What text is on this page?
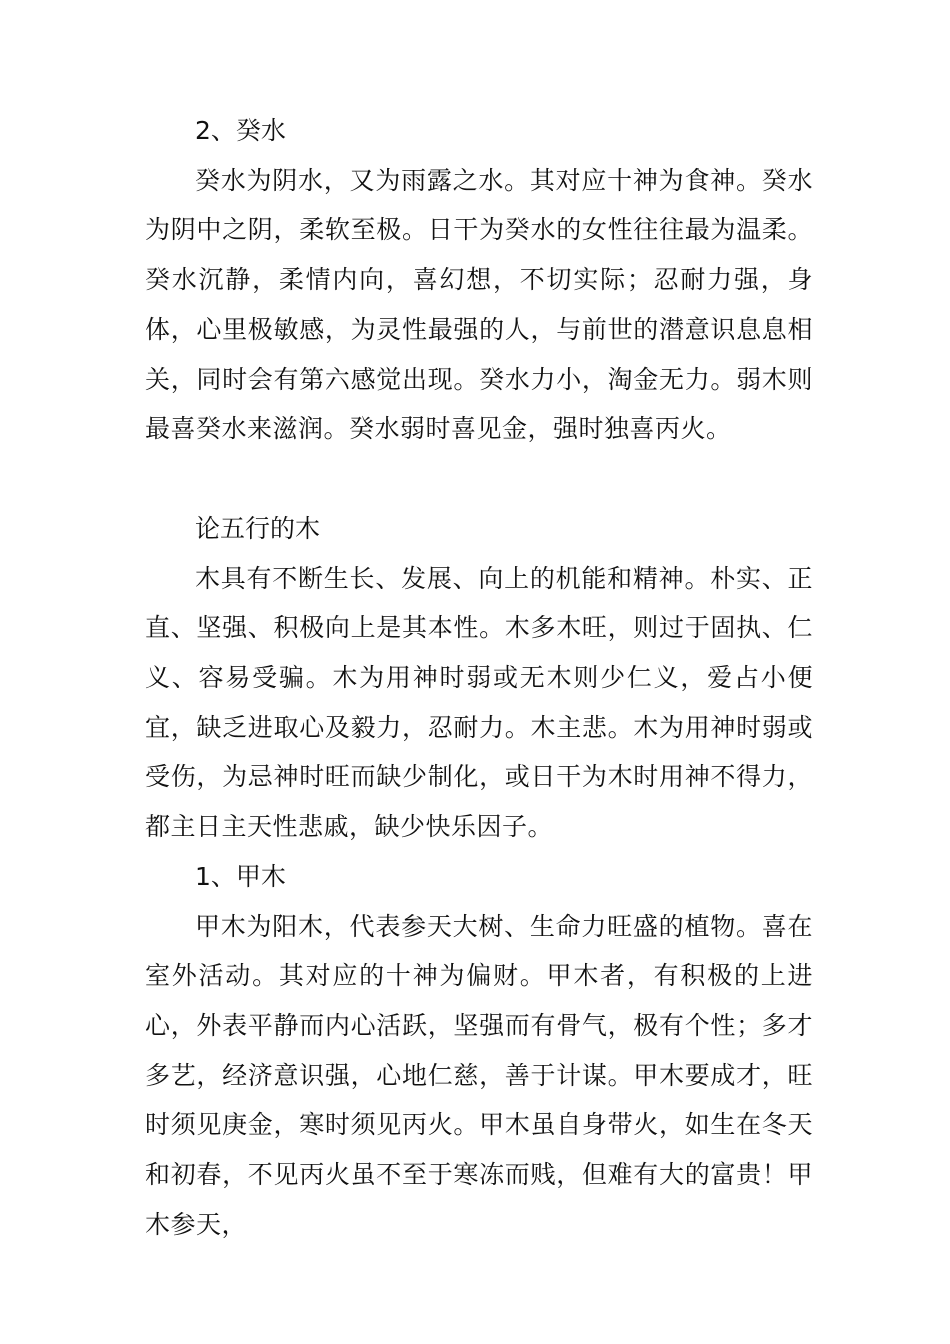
2、癸水

癸水为阴水，又为雨露之水。其对应十神为食神。癸水为阴中之阴，柔软至极。日干为癸水的女性往往最为温柔。癸水沉静，柔情内向，喜幻想，不切实际；忍耐力强，身体，心里极敏感，为灵性最强的人，与前世的潜意识息息相关，同时会有第六感觉出现。癸水力小，淘金无力。弱木则最喜癸水来滋润。癸水弱时喜见金，强时独喜丙火。

论五行的木

木具有不断生长、发展、向上的机能和精神。朴实、正直、坚强、积极向上是其本性。木多木旺，则过于固执、仁义、容易受骗。木为用神时弱或无木则少仁义，爱占小便宜，缺乏进取心及毅力，忍耐力。木主悲。木为用神时弱或受伤，为忌神时旺而缺少制化，或日干为木时用神不得力，都主日主天性悲戚，缺少快乐因子。

1、甲木

甲木为阳木，代表参天大树、生命力旺盛的植物。喜在室外活动。其对应的十神为偏财。甲木者，有积极的上进心，外表平静而内心活跃，坚强而有骨气，极有个性；多才多艺，经济意识强，心地仁慈，善于计谋。甲木要成才，旺时须见庚金，寒时须见丙火。甲木虽自身带火，如生在冬天和初春，不见丙火虽不至于寒冻而贱，但难有大的富贵！甲木参天，
